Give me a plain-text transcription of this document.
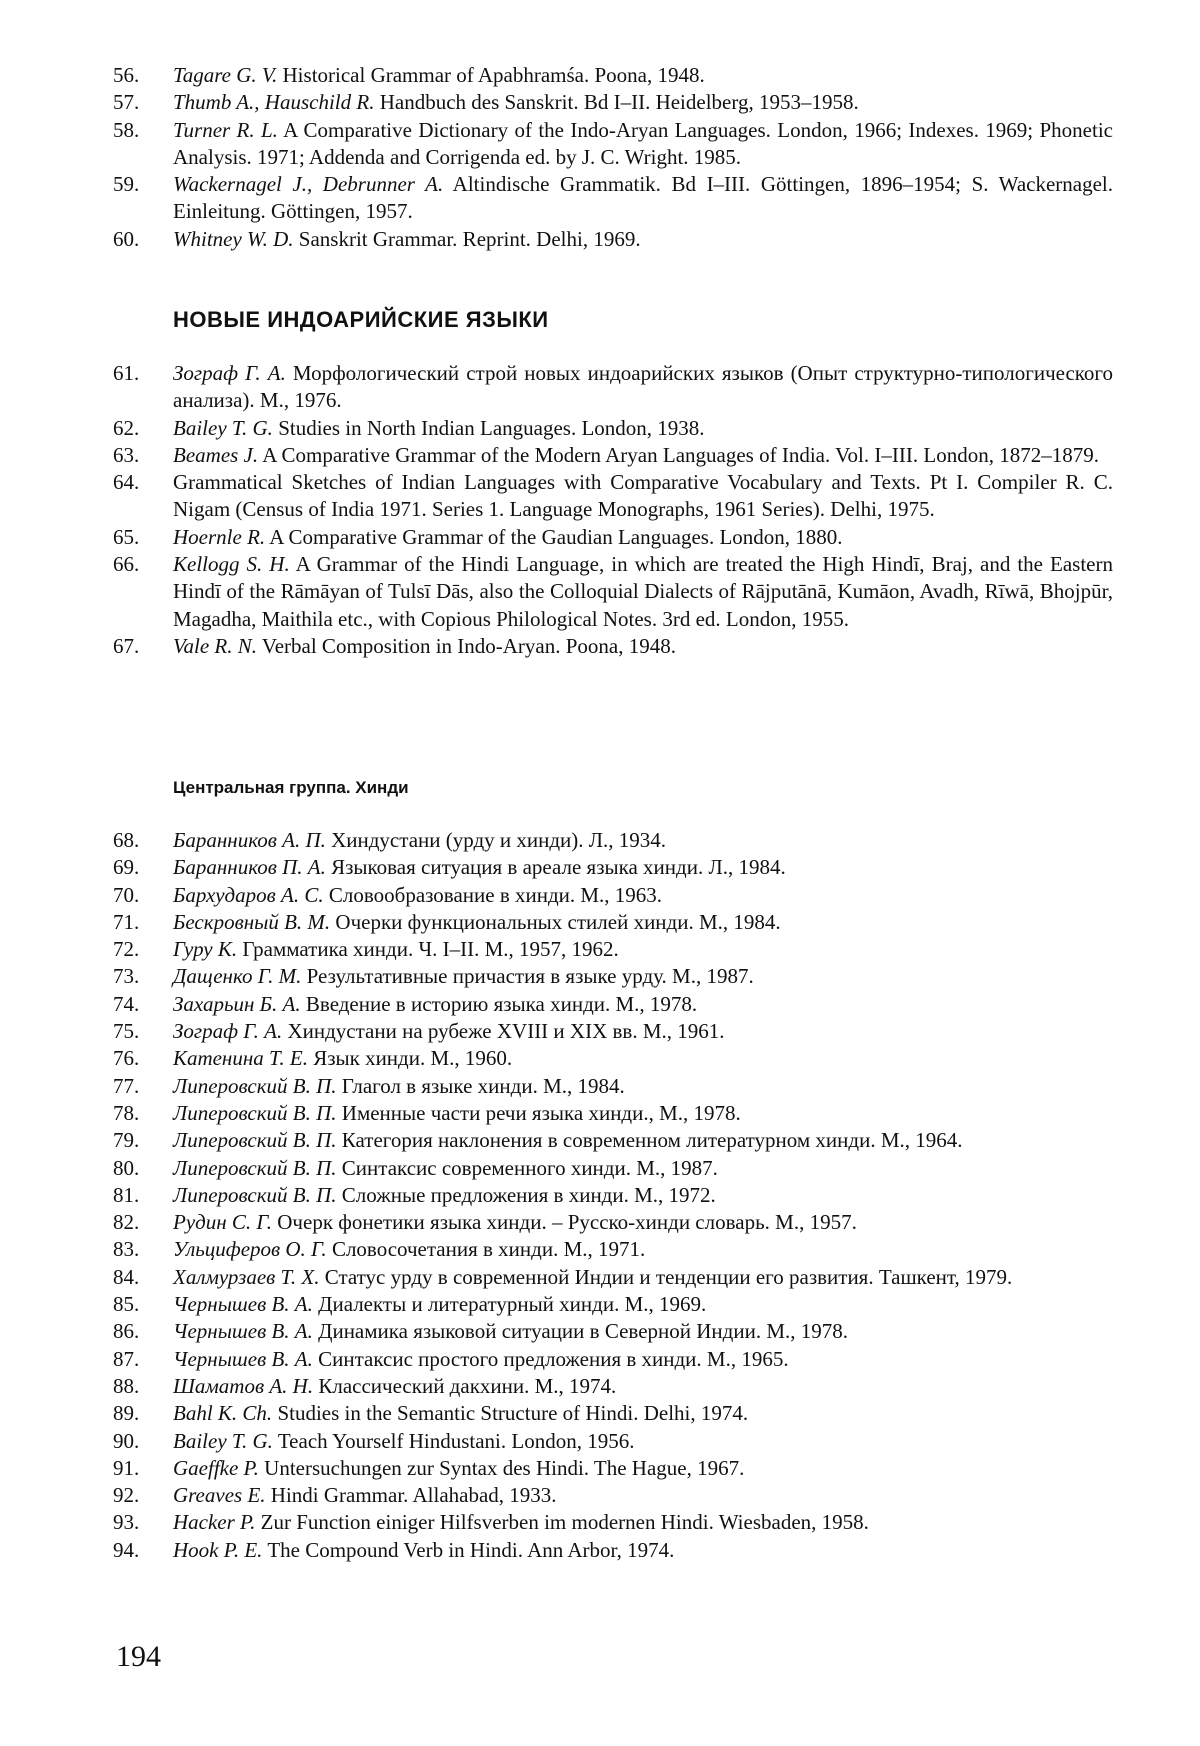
56.	Tagare G. V. Historical Grammar of Apabhramśa. Poona, 1948.
57.	Thumb A., Hauschild R. Handbuch des Sanskrit. Bd I–II. Heidelberg, 1953–1958.
58.	Turner R. L. A Comparative Dictionary of the Indo-Aryan Languages. London, 1966; Indexes. 1969; Phonetic Analysis. 1971; Addenda and Corrigenda ed. by J. C. Wright. 1985.
59.	Wackernagel J., Debrunner A. Altindische Grammatik. Bd I–III. Göttingen, 1896–1954; S. Wackernagel. Einleitung. Göttingen, 1957.
60.	Whitney W. D. Sanskrit Grammar. Reprint. Delhi, 1969.
НОВЫЕ ИНДОАРИЙСКИЕ ЯЗЫКИ
61.	Зограф Г. А. Морфологический строй новых индоарийских языков (Опыт структурно-типологического анализа). М., 1976.
62.	Bailey T. G. Studies in North Indian Languages. London, 1938.
63.	Beames J. A Comparative Grammar of the Modern Aryan Languages of India. Vol. I–III. London, 1872–1879.
64.	Grammatical Sketches of Indian Languages with Comparative Vocabulary and Texts. Pt I. Compiler R. C. Nigam (Census of India 1971. Series 1. Language Monographs, 1961 Series). Delhi, 1975.
65.	Hoernle R. A Comparative Grammar of the Gaudian Languages. London, 1880.
66.	Kellogg S. H. A Grammar of the Hindi Language, in which are treated the High Hindī, Braj, and the Eastern Hindī of the Rāmāyan of Tulsī Dās, also the Colloquial Dialects of Rājputānā, Kumāon, Avadh, Rīwā, Bhojpūr, Magadha, Maithila etc., with Copious Philological Notes. 3rd ed. London, 1955.
67.	Vale R. N. Verbal Composition in Indo-Aryan. Poona, 1948.
Центральная группа. Хинди
68.	Баранников А. П. Хиндустани (урду и хинди). Л., 1934.
69.	Баранников П. А. Языковая ситуация в ареале языка хинди. Л., 1984.
70.	Бархударов А. С. Словообразование в хинди. М., 1963.
71.	Бескровный В. М. Очерки функциональных стилей хинди. М., 1984.
72.	Гуру К. Грамматика хинди. Ч. I–II. М., 1957, 1962.
73.	Дащенко Г. М. Результативные причастия в языке урду. М., 1987.
74.	Захарьин Б. А. Введение в историю языка хинди. М., 1978.
75.	Зограф Г. А. Хиндустани на рубеже XVIII и XIX вв. М., 1961.
76.	Катенина Т. Е. Язык хинди. М., 1960.
77.	Липеровский В. П. Глагол в языке хинди. М., 1984.
78.	Липеровский В. П. Именные части речи языка хинди., М., 1978.
79.	Липеровский В. П. Категория наклонения в современном литературном хинди. М., 1964.
80.	Липеровский В. П. Синтаксис современного хинди. М., 1987.
81.	Липеровский В. П. Сложные предложения в хинди. М., 1972.
82.	Рудин С. Г. Очерк фонетики языка хинди. – Русско-хинди словарь. М., 1957.
83.	Ульциферов О. Г. Словосочетания в хинди. М., 1971.
84.	Халмурзаев Т. Х. Статус урду в современной Индии и тенденции его развития. Ташкент, 1979.
85.	Чернышев В. А. Диалекты и литературный хинди. М., 1969.
86.	Чернышев В. А. Динамика языковой ситуации в Северной Индии. М., 1978.
87.	Чернышев В. А. Синтаксис простого предложения в хинди. М., 1965.
88.	Шаматов А. Н. Классический дакхини. М., 1974.
89.	Bahl K. Ch. Studies in the Semantic Structure of Hindi. Delhi, 1974.
90.	Bailey T. G. Teach Yourself Hindustani. London, 1956.
91.	Gaeffke P. Untersuchungen zur Syntax des Hindi. The Hague, 1967.
92.	Greaves E. Hindi Grammar. Allahabad, 1933.
93.	Hacker P. Zur Function einiger Hilfsverben im modernen Hindi. Wiesbaden, 1958.
94.	Hook P. E. The Compound Verb in Hindi. Ann Arbor, 1974.
194
